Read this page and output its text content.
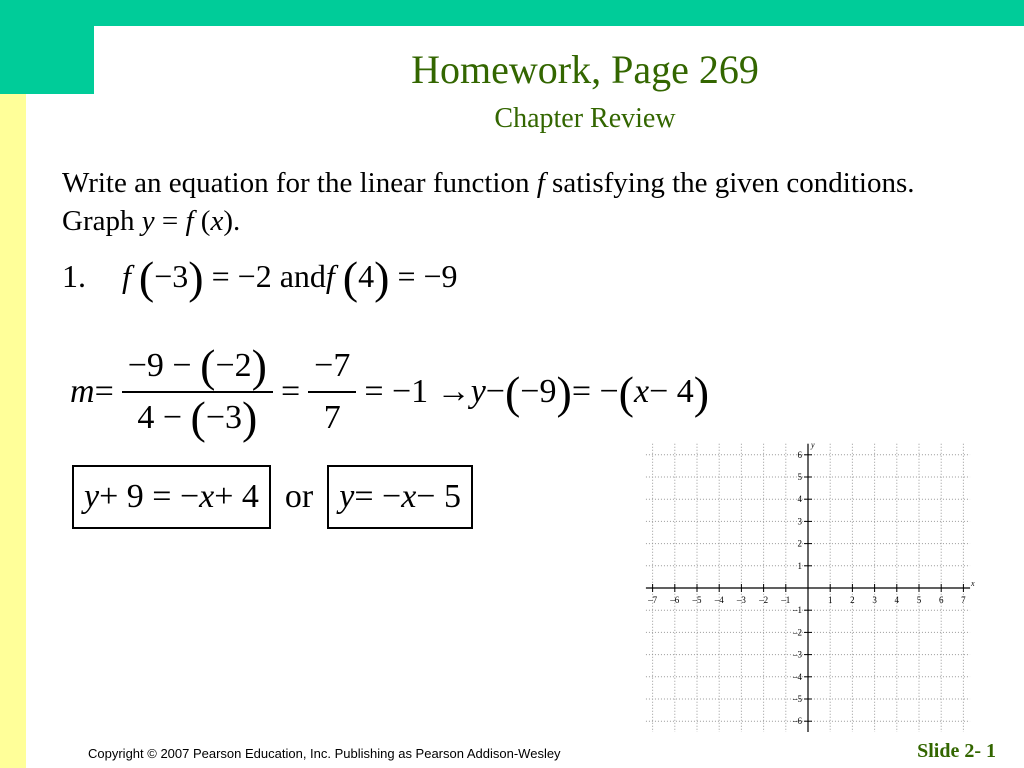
Homework, Page 269
Chapter Review
Write an equation for the linear function f satisfying the given conditions. Graph y = f (x).
1. f (−3) = −2 andf (4) = −9
$m = \frac{-9 - (-2)}{4 - (-3)} = \frac{-7}{7} = -1 \to y$ − ( −9 ) = − ( x − 4 )
y + 9 = − x + 4 or y = − x − 5
–7 –6 –5 –4 –3 –2 –1	1 2 3 4 5 6 7
6
5
4
3
2
1
–1
–2
–3
–4
–5
–6
x
y
Copyright © 2007 Pearson Education, Inc. Publishing as Pearson Addison-Wesley	Slide 2- 1
